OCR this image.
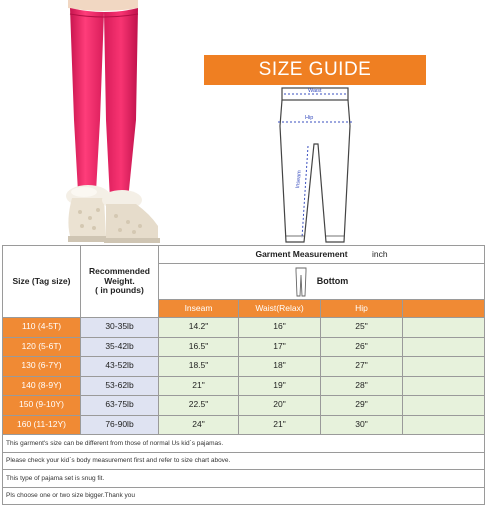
SIZE GUIDE
Waist
Hip
Inseam
Size (Tag size)	Recommended
Weight.
( in pounds)	Garment Measurement inch			

		Bottom			

		Inseam	Waist(Relax)	Hip	
110 (4-5T)	30-35lb	14.2"	16"	25"	
120 (5-6T)	35-42lb	16.5"	17"	26"	
130 (6-7Y)	43-52lb	18.5"	18"	27"	
140 (8-9Y)	53-62lb	21"	19"	28"	
150 (9-10Y)	63-75lb	22.5"	20"	29"	
160 (11-12Y)	76-90lb	24"	21"	30"	
This garment's size can be different from those of normal Us kid`s pajamas.					
Please check your kid`s body measurement first and refer to size chart above.					
This type of pajama set is snug fit.					
Pls choose one or two size bigger.Thank you					
